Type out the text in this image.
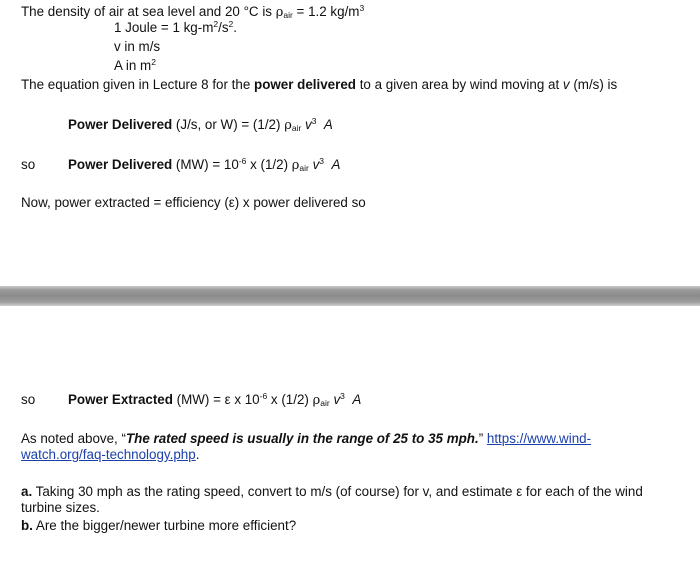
The density of air at sea level and 20 °C is $\rho_{air} = 1.2$ $kg/m^3$
1 Joule = 1 $kg-m^2/s^2$.
v in m/s
A in $m^2$
The equation given in Lecture 8 for the power delivered to a given area by wind moving at v (m/s) is
Power Delivered (J/s, or W) = (1/2) $\rho_{air}$ $v^3$ A
so Power Delivered $(MW) = 10^{-6}$ x (1/2) $\rho_{air}$ $v^3$ A
Now, power extracted = efficiency (ε) x power delivered so
so Power Extracted (MW) = ε x $10^{-6}$ x (1/2) $\rho_{air}$ $v^3$ A
As noted above, “The rated speed is usually in the range of 25 to 35 mph.” https://www.wind-
watch.org/faq-technology.php.
a. Taking 30 mph as the rating speed, convert to m/s (of course) for v, and estimate ε for each of the wind
turbine sizes.
b. Are the bigger/newer turbine more efficient?
